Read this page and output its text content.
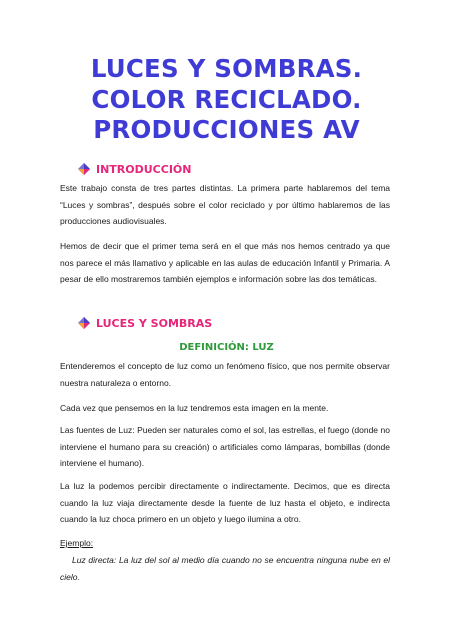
LUCES Y SOMBRAS.
COLOR RECICLADO.
PRODUCCIONES AV
INTRODUCCIÓN

Este trabajo consta de tres partes distintas. La primera parte hablaremos del tema “Luces y sombras”, después sobre el color reciclado y por último hablaremos de las producciones audiovisuales.

Hemos de decir que el primer tema será en el que más nos hemos centrado ya que nos parece el más llamativo y aplicable en las aulas de educación Infantil y Primaria. A pesar de ello mostraremos también ejemplos e información sobre las dos temáticas.

LUCES Y SOMBRAS
DEFINICIÓN: LUZ

Entenderemos el concepto de luz como un fenómeno físico, que nos permite observar nuestra naturaleza o entorno.

Cada vez que pensemos en la luz tendremos esta imagen en la mente.

Las fuentes de Luz: Pueden ser naturales como el sol, las estrellas, el fuego (donde no interviene el humano para su creación) o artificiales como lámparas, bombillas (donde interviene el humano).

La luz la podemos percibir directamente o indirectamente. Decimos, que es directa cuando la luz viaja directamente desde la fuente de luz hasta el objeto, e indirecta cuando la luz choca primero en un objeto y luego ilumina a otro.

Ejemplo:

Luz directa: La luz del sol al medio día cuando no se encuentra ninguna nube en el cielo.
